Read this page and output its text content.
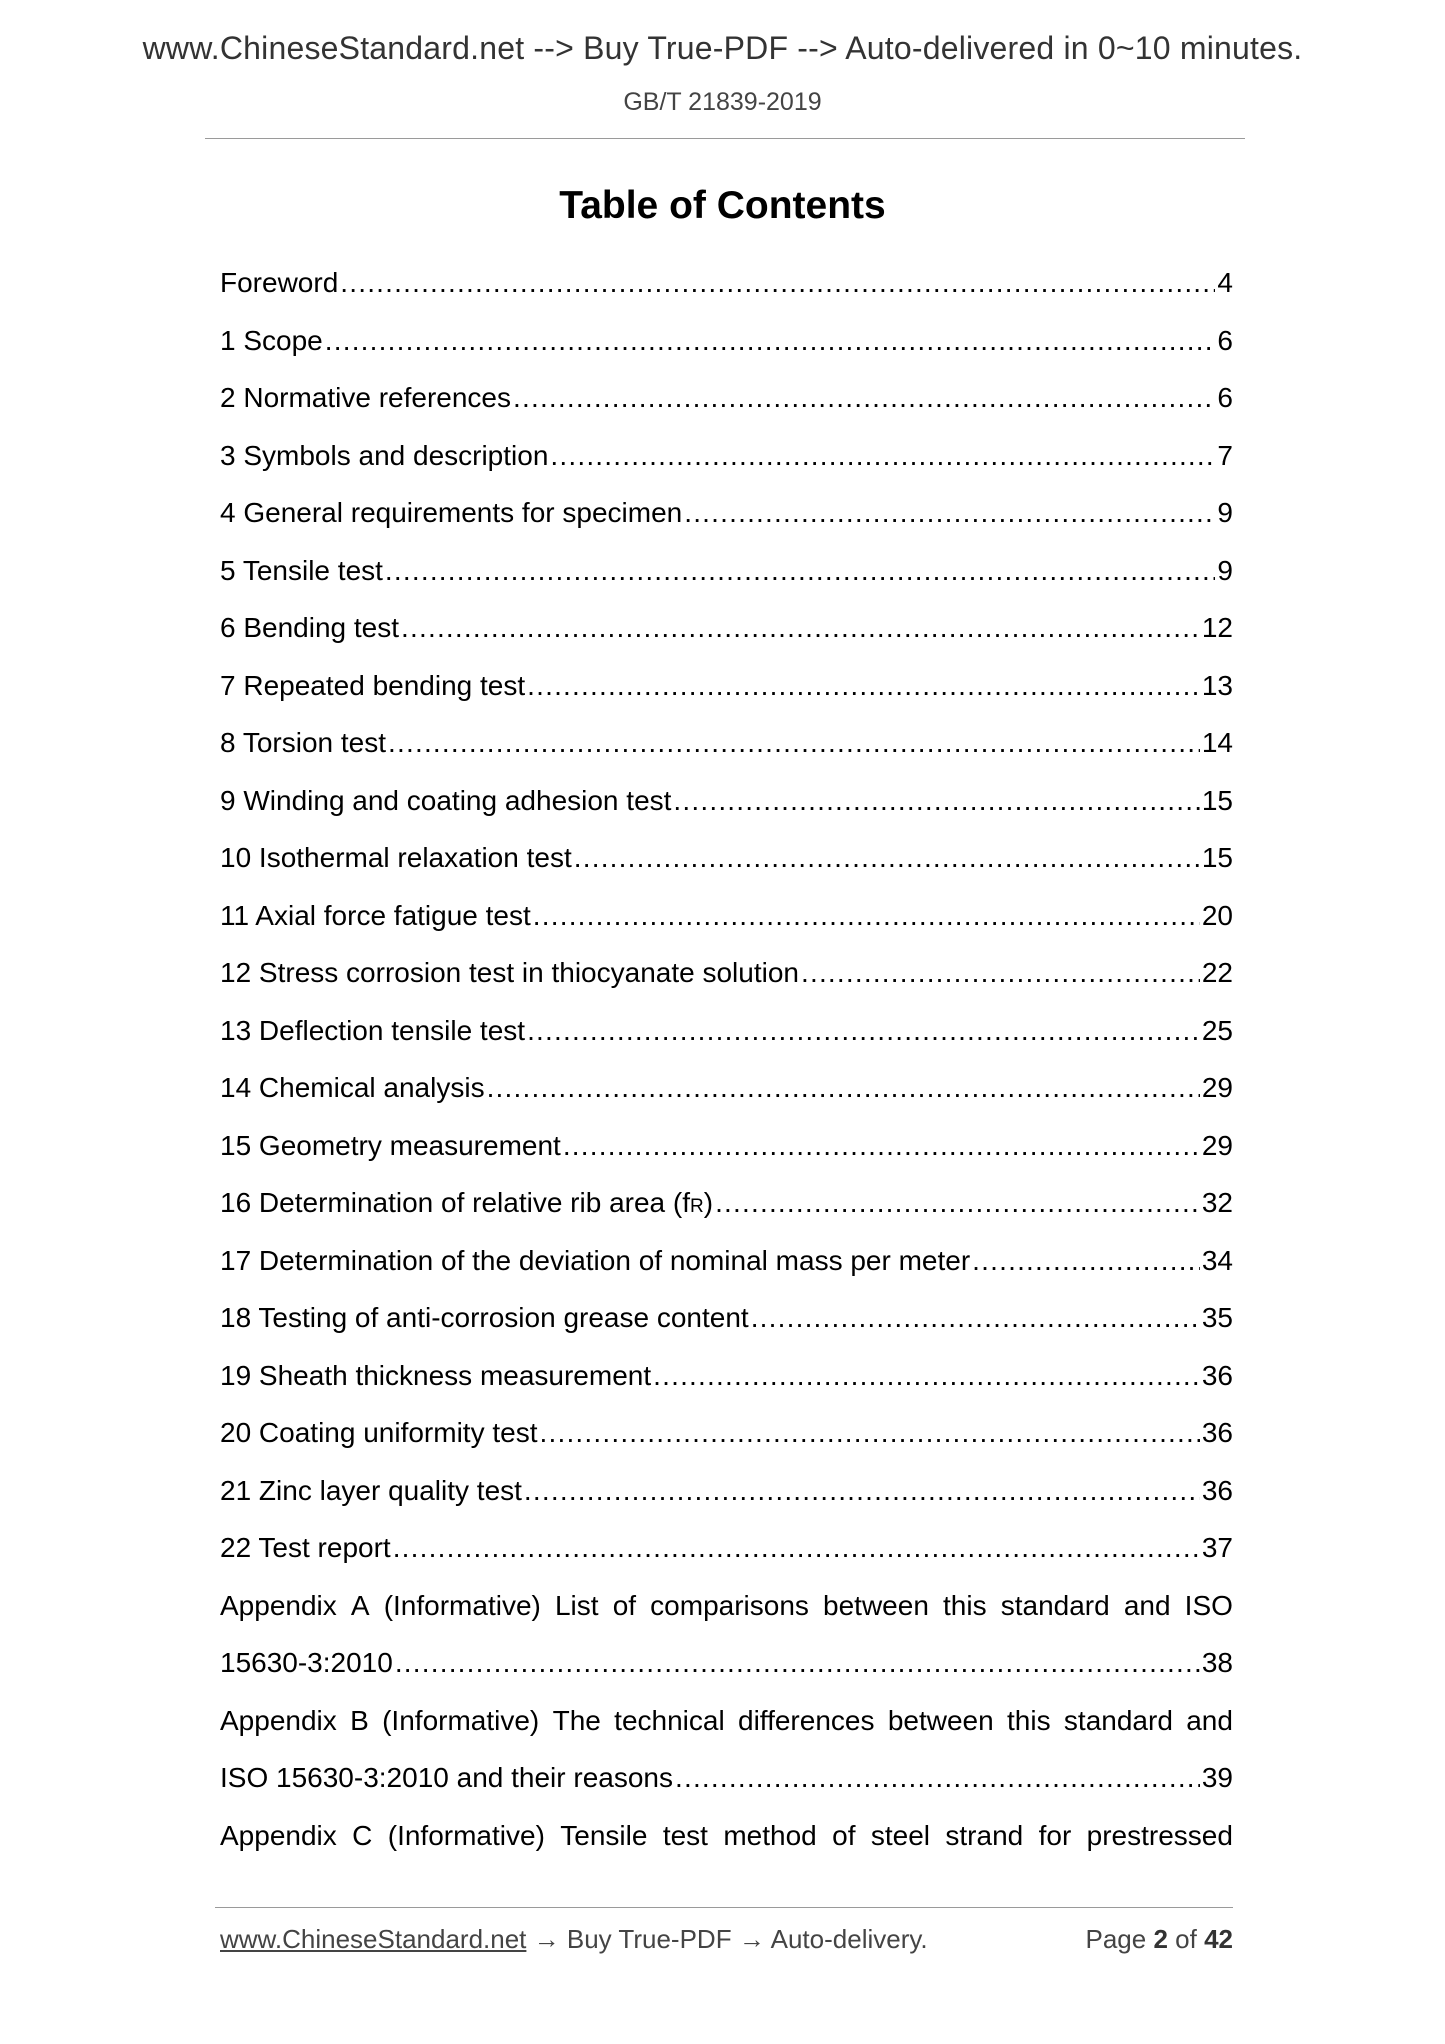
www.ChineseStandard.net --> Buy True-PDF --> Auto-delivered in 0~10 minutes.
GB/T 21839-2019
Table of Contents
Foreword .....	4
1 Scope .....	6
2 Normative references .....	6
3 Symbols and description .....	7
4 General requirements for specimen .....	9
5 Tensile test .....	9
6 Bending test .....	12
7 Repeated bending test .....	13
8 Torsion test .....	14
9 Winding and coating adhesion test .....	15
10 Isothermal relaxation test .....	15
11 Axial force fatigue test .....	20
12 Stress corrosion test in thiocyanate solution .....	22
13 Deflection tensile test .....	25
14 Chemical analysis .....	29
15 Geometry measurement .....	29
16 Determination of relative rib area (fR) .....	32
17 Determination of the deviation of nominal mass per meter .....	34
18 Testing of anti-corrosion grease content .....	35
19 Sheath thickness measurement .....	36
20 Coating uniformity test .....	36
21 Zinc layer quality test .....	36
22 Test report .....	37
Appendix A (Informative) List of comparisons between this standard and ISO
15630-3:2010 .....	38
Appendix B (Informative) The technical differences between this standard and
ISO 15630-3:2010 and their reasons .....	39
Appendix C (Informative) Tensile test method of steel strand for prestressed
www.ChineseStandard.net → Buy True-PDF → Auto-delivery.	Page 2 of 42
